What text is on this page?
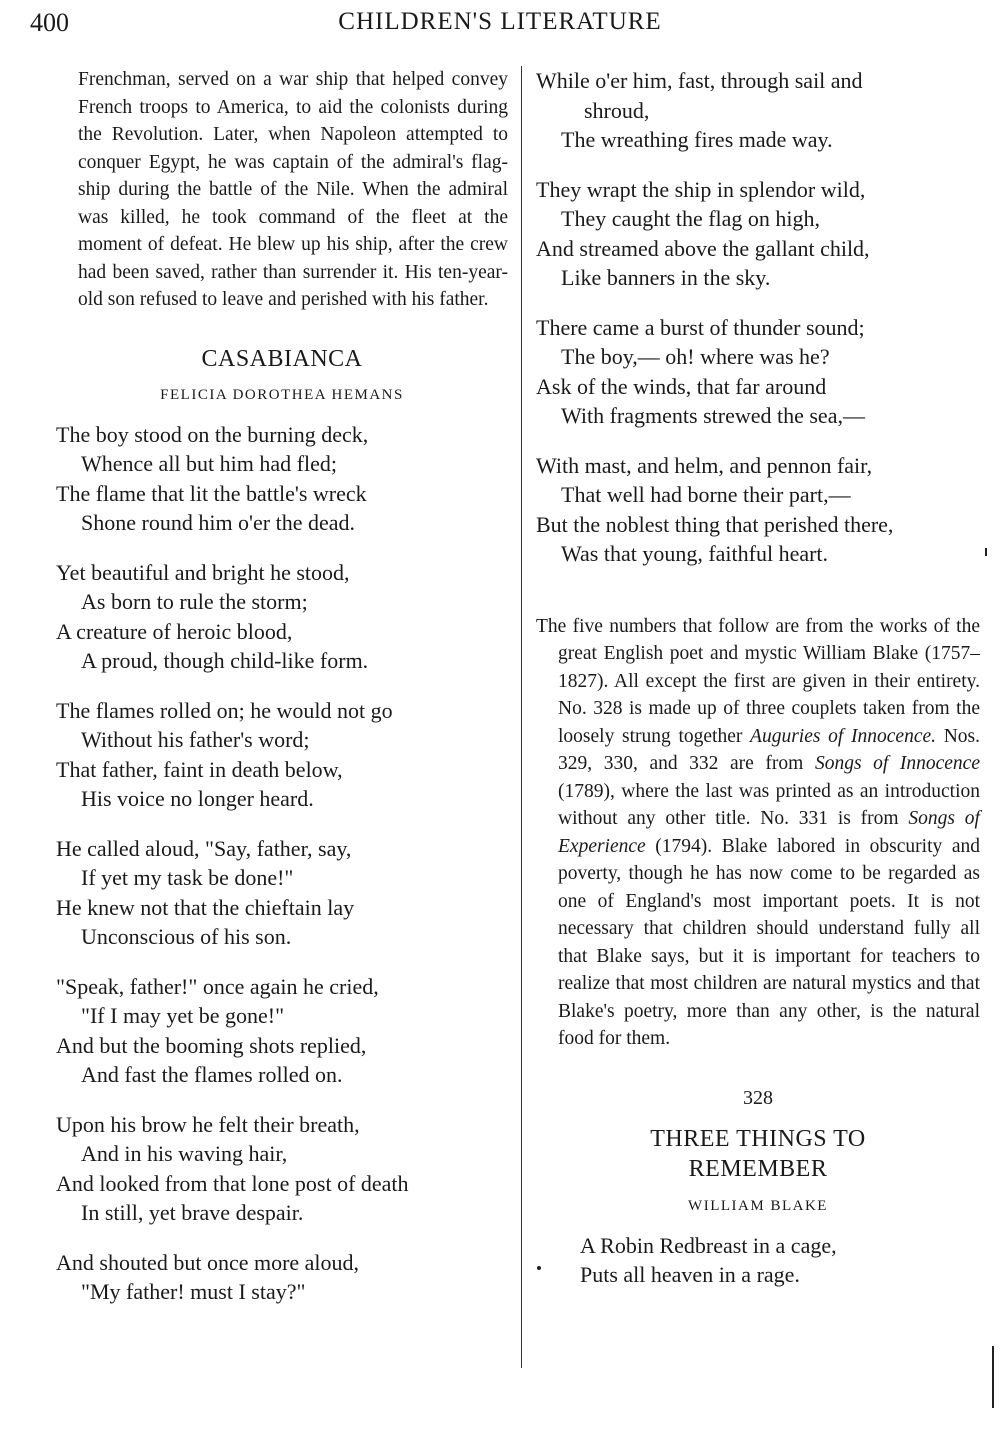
400	CHILDREN'S LITERATURE
Frenchman, served on a war ship that helped convey French troops to America, to aid the colonists during the Revolution. Later, when Napoleon attempted to conquer Egypt, he was captain of the admiral's flag-ship during the battle of the Nile. When the admiral was killed, he took command of the fleet at the moment of defeat. He blew up his ship, after the crew had been saved, rather than surrender it. His ten-year-old son refused to leave and perished with his father.
CASABIANCA
FELICIA DOROTHEA HEMANS
The boy stood on the burning deck,
Whence all but him had fled;
The flame that lit the battle's wreck
Shone round him o'er the dead.
Yet beautiful and bright he stood,
As born to rule the storm;
A creature of heroic blood,
A proud, though child-like form.
The flames rolled on; he would not go
Without his father's word;
That father, faint in death below,
His voice no longer heard.
He called aloud, "Say, father, say,
If yet my task be done!"
He knew not that the chieftain lay
Unconscious of his son.
"Speak, father!" once again he cried,
"If I may yet be gone!"
And but the booming shots replied,
And fast the flames rolled on.
Upon his brow he felt their breath,
And in his waving hair,
And looked from that lone post of death
In still, yet brave despair.
And shouted but once more aloud,
"My father! must I stay?"
While o'er him, fast, through sail and
shroud,
The wreathing fires made way.
They wrapt the ship in splendor wild,
They caught the flag on high,
And streamed above the gallant child,
Like banners in the sky.
There came a burst of thunder sound;
The boy,— oh! where was he?
Ask of the winds, that far around
With fragments strewed the sea,—
With mast, and helm, and pennon fair,
That well had borne their part,—
But the noblest thing that perished there,
Was that young, faithful heart.
The five numbers that follow are from the works of the great English poet and mystic William Blake (1757–1827). All except the first are given in their entirety. No. 328 is made up of three couplets taken from the loosely strung together Auguries of Innocence. Nos. 329, 330, and 332 are from Songs of Innocence (1789), where the last was printed as an introduction without any other title. No. 331 is from Songs of Experience (1794). Blake labored in obscurity and poverty, though he has now come to be regarded as one of England's most important poets. It is not necessary that children should understand fully all that Blake says, but it is important for teachers to realize that most children are natural mystics and that Blake's poetry, more than any other, is the natural food for them.
328
THREE THINGS TO
REMEMBER
WILLIAM BLAKE
A Robin Redbreast in a cage,
Puts all heaven in a rage.
